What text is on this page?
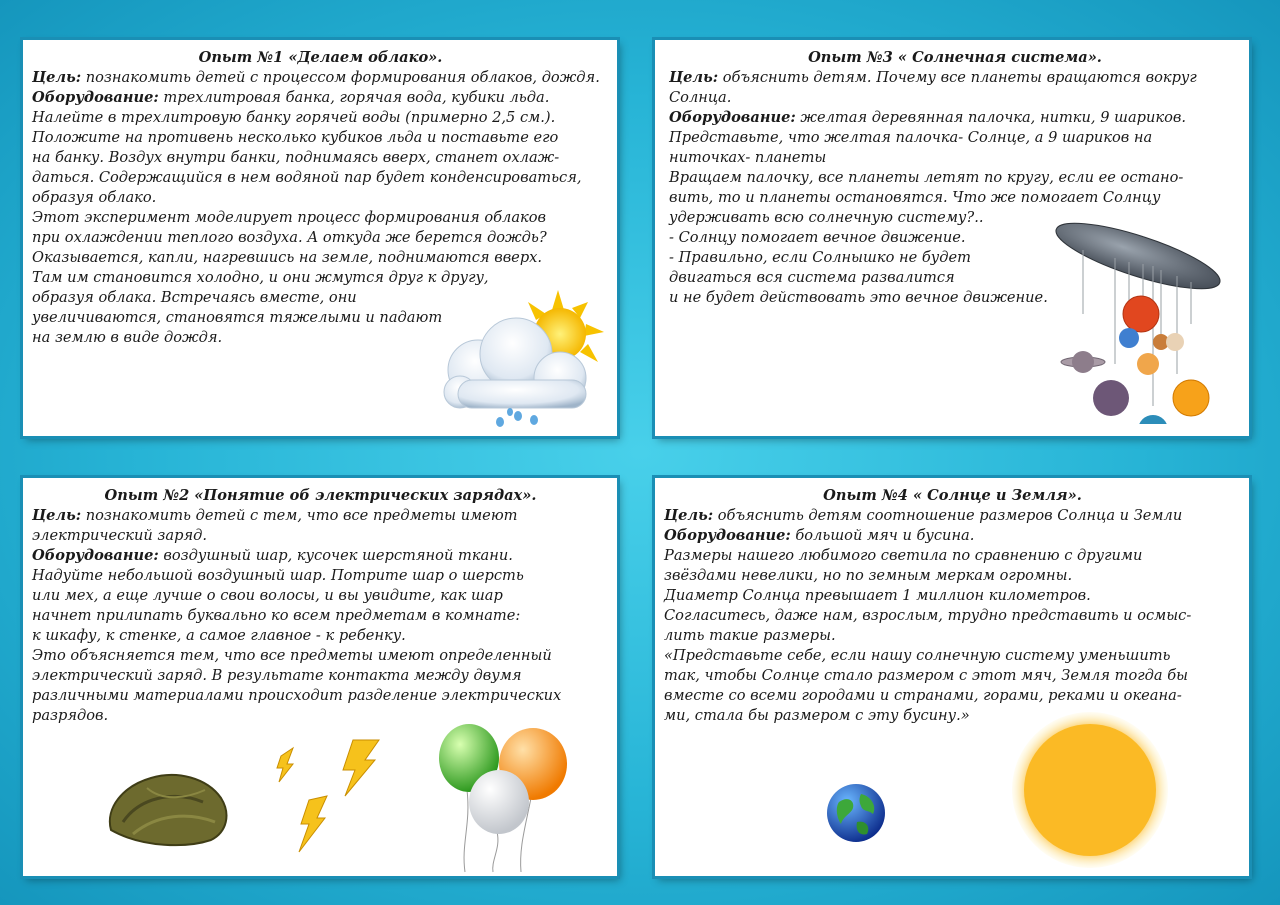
Опыт №1 «Делаем облако».

Цель: познакомить детей с процессом формирования облаков, дождя.

Оборудование: трехлитровая банка, горячая вода, кубики льда.

Налейте в трехлитровую банку горячей воды (примерно 2,5 см.).

Положите на противень несколько кубиков льда и поставьте его

на банку. Воздух внутри банки, поднимаясь вверх, станет охлаж-

даться. Содержащийся в нем водяной пар будет конденсироваться,

образуя облако.

Этот эксперимент моделирует процесс формирования облаков

при охлаждении теплого воздуха. А откуда же берется дождь?

Оказывается, капли, нагревшись на земле, поднимаются вверх.

Там им становится холодно, и они жмутся друг к другу,

образуя облака. Встречаясь вместе, они

увеличиваются, становятся тяжелыми и падают

на землю в виде дождя.

Опыт №3 « Солнечная система».

Цель: объяснить детям. Почему все планеты вращаются вокруг Солнца.

Оборудование: желтая деревянная палочка, нитки, 9 шариков.

Представьте, что желтая палочка- Солнце, а 9 шариков на

ниточках- планеты

Вращаем палочку, все планеты летят по кругу, если ее остано-

вить, то и планеты остановятся. Что же помогает Солнцу

удерживать всю солнечную систему?..

- Солнцу помогает вечное движение.

- Правильно, если Солнышко не будет

двигаться вся система развалится

и не будет действовать это вечное движение.

Опыт №2 «Понятие об электрических зарядах».

Цель: познакомить детей с тем, что все предметы имеют электрический заряд.

Оборудование: воздушный шар, кусочек шерстяной ткани.

Надуйте небольшой воздушный шар. Потрите шар о шерсть

или мех, а еще лучше о свои волосы, и вы увидите, как шар

начнет прилипать буквально ко всем предметам в комнате:

к шкафу, к стенке, а самое главное - к ребенку.

Это объясняется тем, что все предметы имеют определенный

электрический заряд. В результате контакта между двумя

различными материалами происходит разделение электрических

разрядов.

Опыт №4 « Солнце и Земля».

Цель: объяснить детям соотношение размеров Солнца и Земли

Оборудование: большой мяч и бусина.

Размеры нашего любимого светила по сравнению с другими

звёздами невелики, но по земным меркам огромны.

Диаметр Солнца превышает 1 миллион километров.

Согласитесь, даже нам, взрослым, трудно представить и осмыс-

лить такие размеры.

«Представьте себе, если нашу солнечную систему уменьшить

так, чтобы Солнце стало размером с этот мяч, Земля тогда бы

вместе со всеми городами и странами, горами, реками и океана-

ми, стала бы размером с эту бусину.»
